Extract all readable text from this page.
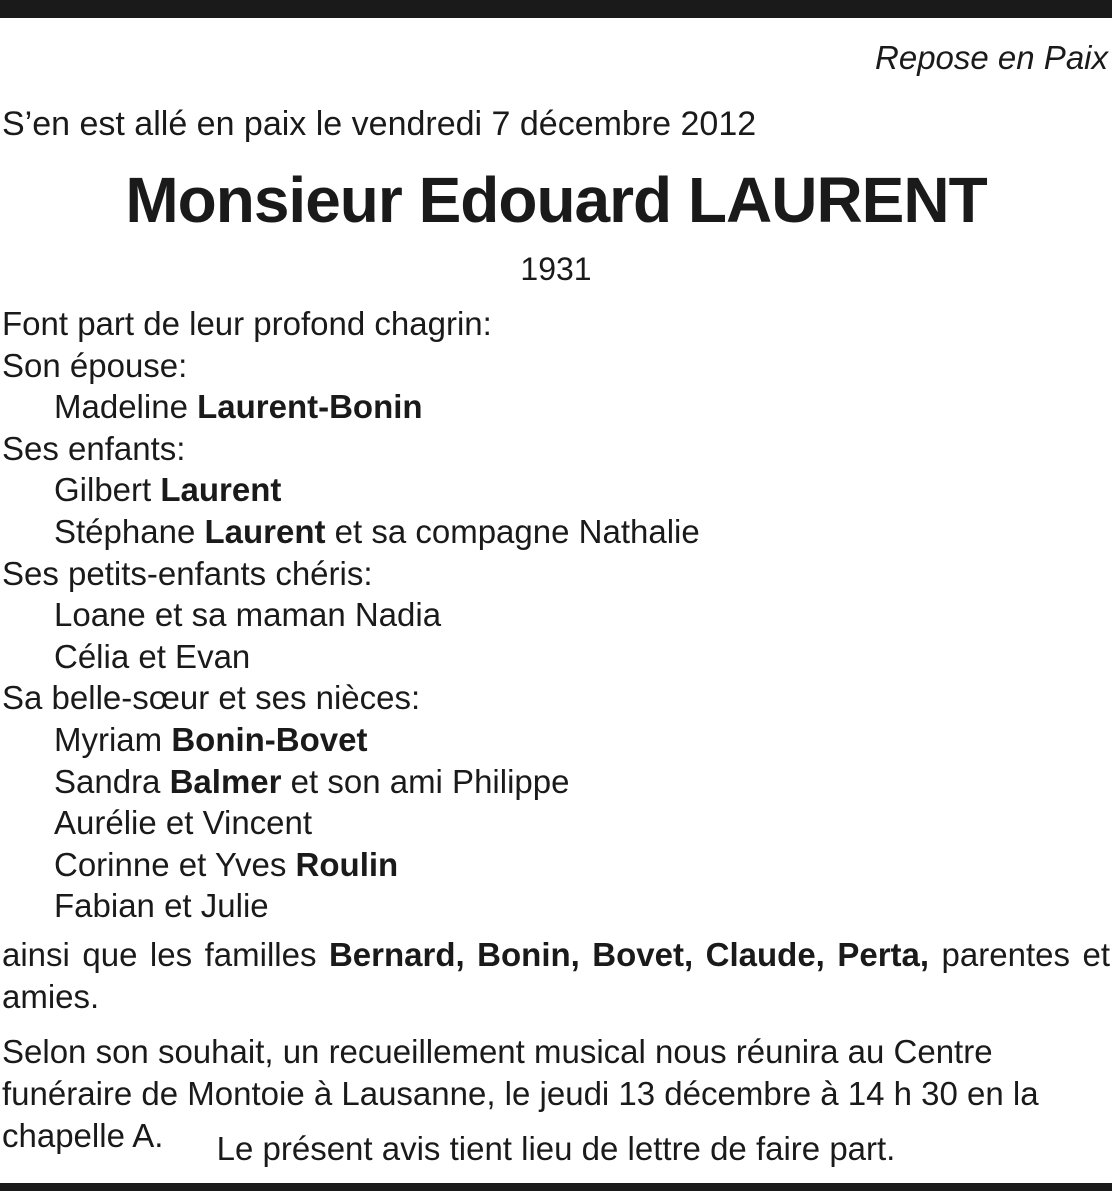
Repose en Paix
S’en est allé en paix le vendredi 7 décembre 2012
Monsieur Edouard LAURENT
1931
Font part de leur profond chagrin:
Son épouse:
Madeline Laurent-Bonin
Ses enfants:
Gilbert Laurent
Stéphane Laurent et sa compagne Nathalie
Ses petits-enfants chéris:
Loane et sa maman Nadia
Célia et Evan
Sa belle-sœur et ses nièces:
Myriam Bonin-Bovet
Sandra Balmer et son ami Philippe
Aurélie et Vincent
Corinne et Yves Roulin
Fabian et Julie
ainsi que les familles Bernard, Bonin, Bovet, Claude, Perta, parentes et amies.
Selon son souhait, un recueillement musical nous réunira au Centre funéraire de Montoie à Lausanne, le jeudi 13 décembre à 14 h 30 en la chapelle A.	Le présent avis tient lieu de lettre de faire part.
